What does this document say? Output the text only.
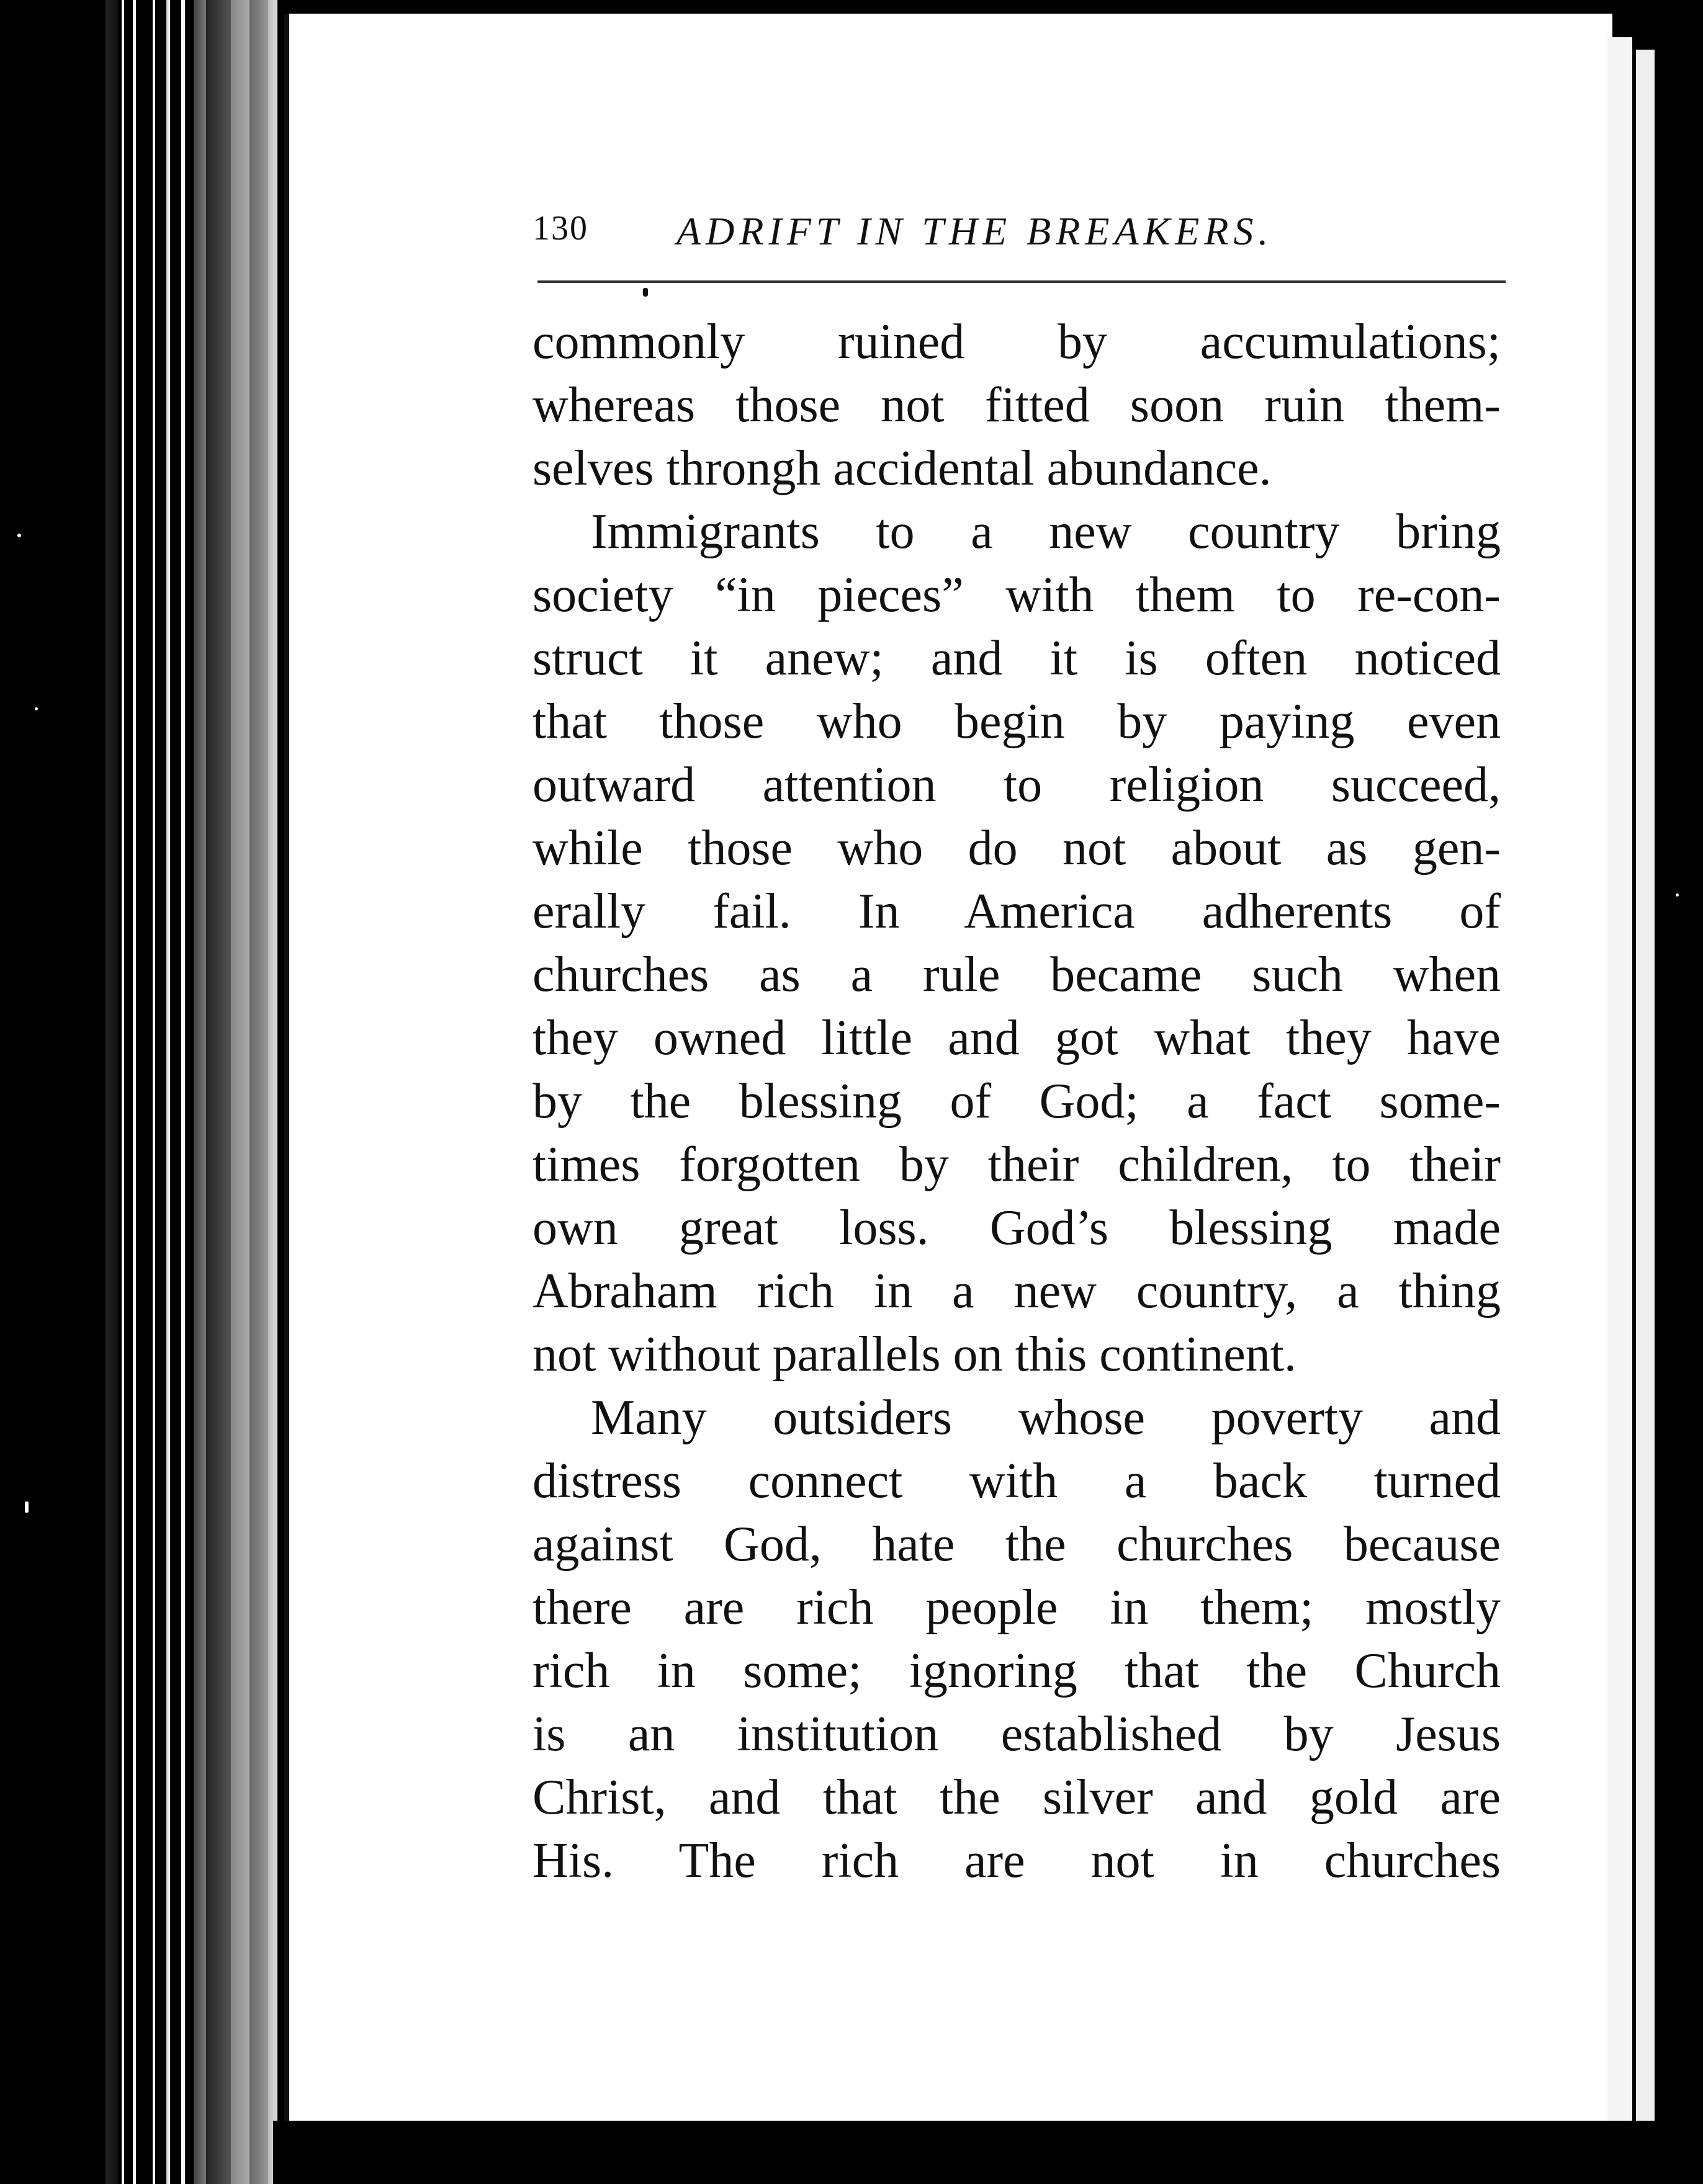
130 ADRIFT IN THE BREAKERS.
commonly ruined by accumulations;
whereas those not fitted soon ruin them-
selves throngh accidental abundance.
Immigrants to a new country bring
society “in pieces” with them to re-con-
struct it anew; and it is often noticed
that those who begin by paying even
outward attention to religion succeed,
while those who do not about as gen-
erally fail. In America adherents of
churches as a rule became such when
they owned little and got what they have
by the blessing of God; a fact some-
times forgotten by their children, to their
own great loss. God’s blessing made
Abraham rich in a new country, a thing
not without parallels on this continent.
Many outsiders whose poverty and
distress connect with a back turned
against God, hate the churches because
there are rich people in them; mostly
rich in some; ignoring that the Church
is an institution established by Jesus
Christ, and that the silver and gold are
His. The rich are not in churches
